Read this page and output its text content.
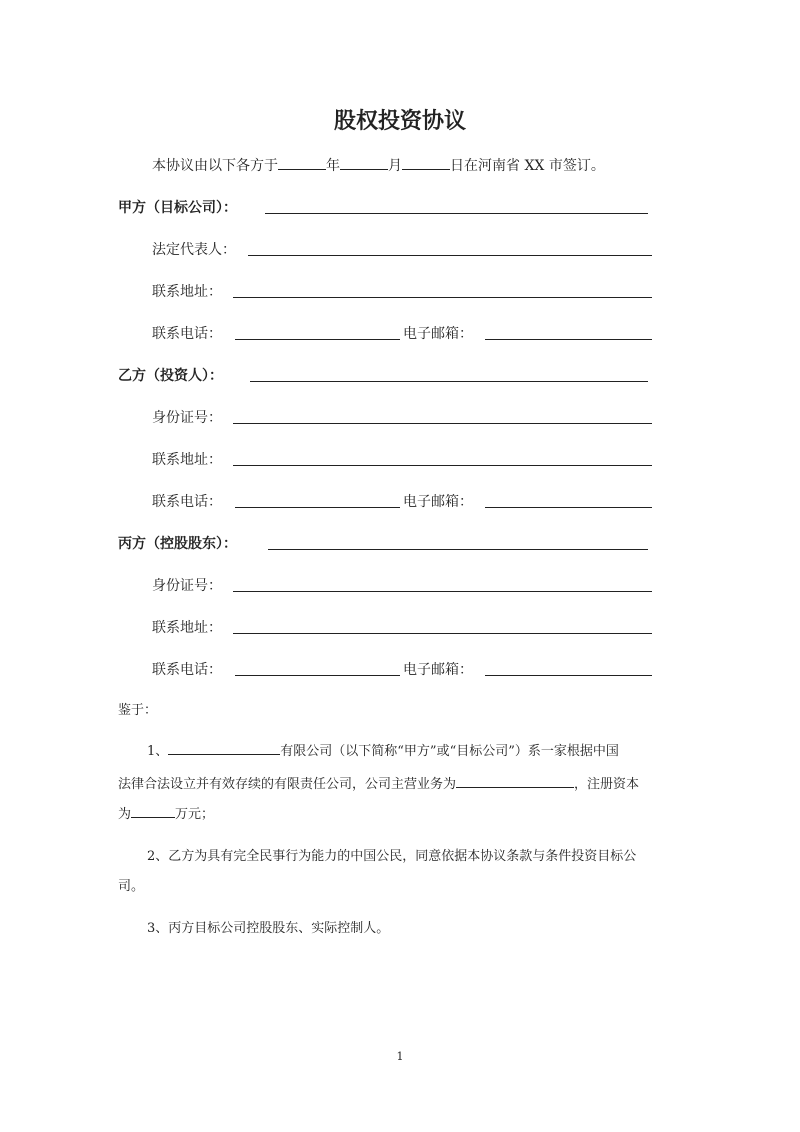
股权投资协议
本协议由以下各方于	年	月	日在河南省 XX 市签订。
甲方（目标公司）：
法定代表人：
联系地址：
联系电话：	电子邮箱：
乙方（投资人）：
身份证号：
联系地址：
联系电话：	电子邮箱：
丙方（控股股东）：
身份证号：
联系地址：
联系电话：	电子邮箱：
鉴于：
1、	有限公司（以下简称“甲方”或“目标公司”）系一家根据中国
法律合法设立并有效存续的有限责任公司，公司主营业务为	，注册资本
为	万元；
2、乙方为具有完全民事行为能力的中国公民，同意依据本协议条款与条件投资目标公
司。
3、丙方目标公司控股股东、实际控制人。
1
